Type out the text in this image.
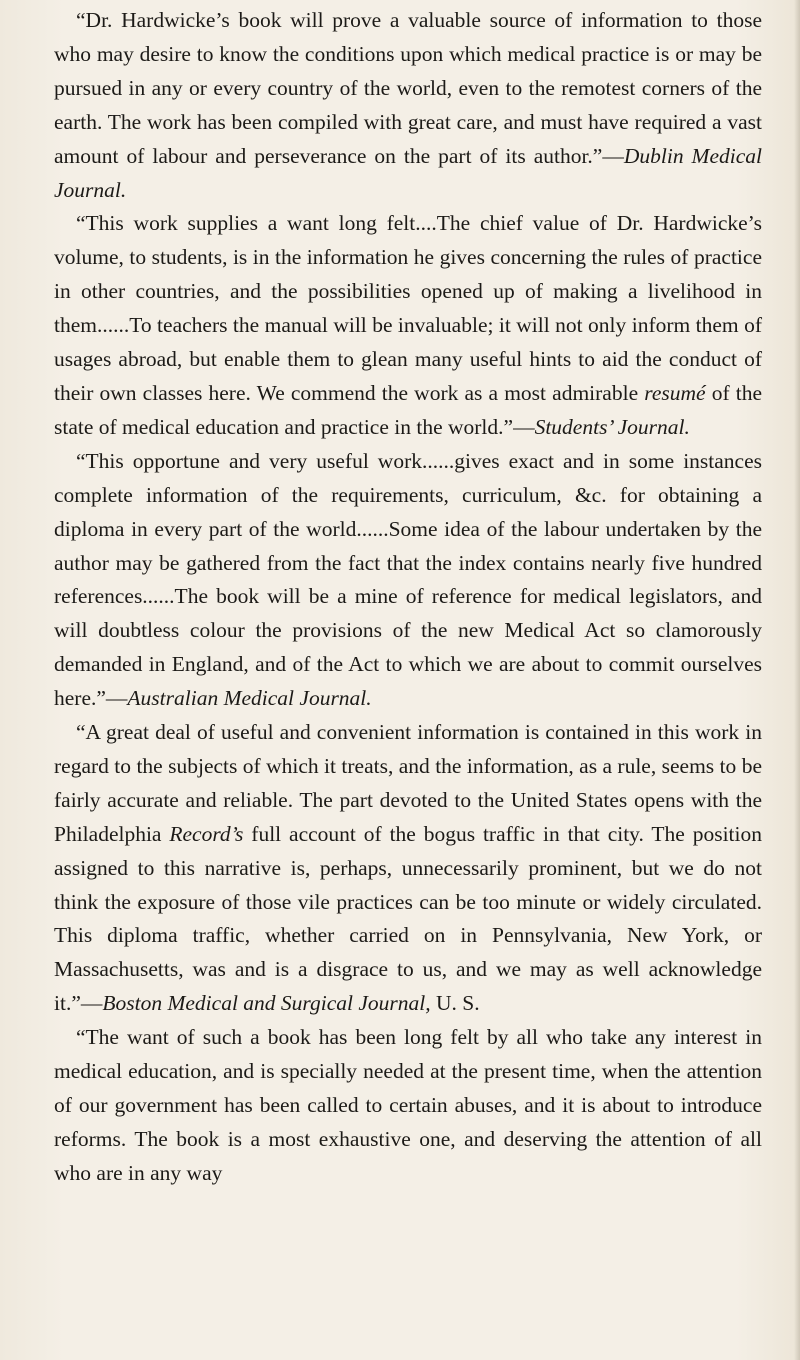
“Dr. Hardwicke’s book will prove a valuable source of information to those who may desire to know the conditions upon which medical practice is or may be pursued in any or every country of the world, even to the remotest corners of the earth. The work has been compiled with great care, and must have required a vast amount of labour and perseverance on the part of its author.”—Dublin Medical Journal.

“This work supplies a want long felt....The chief value of Dr. Hardwicke’s volume, to students, is in the information he gives concerning the rules of practice in other countries, and the possibilities opened up of making a livelihood in them......To teachers the manual will be invaluable; it will not only inform them of usages abroad, but enable them to glean many useful hints to aid the conduct of their own classes here. We commend the work as a most admirable resumé of the state of medical education and practice in the world.”—Students’ Journal.

“This opportune and very useful work......gives exact and in some instances complete information of the requirements, curriculum, &c. for obtaining a diploma in every part of the world......Some idea of the labour undertaken by the author may be gathered from the fact that the index contains nearly five hundred references......The book will be a mine of reference for medical legislators, and will doubtless colour the provisions of the new Medical Act so clamorously demanded in England, and of the Act to which we are about to commit ourselves here.”—Australian Medical Journal.

“A great deal of useful and convenient information is contained in this work in regard to the subjects of which it treats, and the information, as a rule, seems to be fairly accurate and reliable. The part devoted to the United States opens with the Philadelphia Record’s full account of the bogus traffic in that city. The position assigned to this narrative is, perhaps, unnecessarily prominent, but we do not think the exposure of those vile practices can be too minute or widely circulated. This diploma traffic, whether carried on in Pennsylvania, New York, or Massachusetts, was and is a disgrace to us, and we may as well acknowledge it.”—Boston Medical and Surgical Journal, U. S.

“The want of such a book has been long felt by all who take any interest in medical education, and is specially needed at the present time, when the attention of our government has been called to certain abuses, and it is about to introduce reforms. The book is a most exhaustive one, and deserving the attention of all who are in any way
